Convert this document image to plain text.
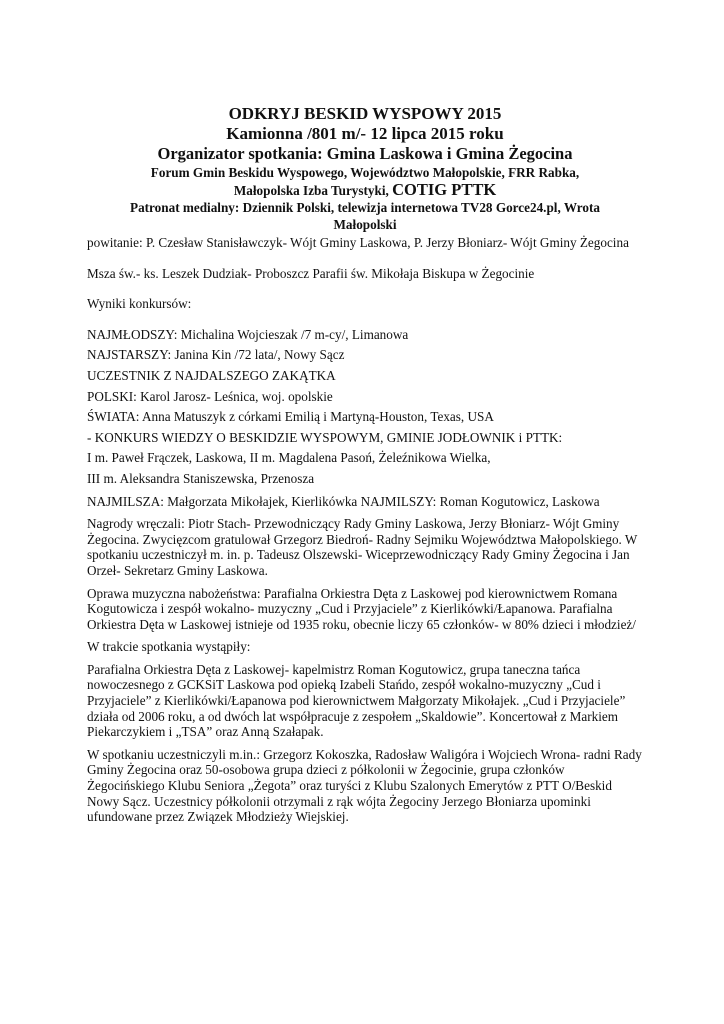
ODKRYJ BESKID WYSPOWY 2015
Kamionna /801 m/- 12 lipca 2015 roku
Organizator spotkania: Gmina Laskowa i Gmina Żegocina
Forum Gmin Beskidu Wyspowego, Województwo Małopolskie, FRR Rabka,
Małopolska Izba Turystyki, COTIG PTTK
Patronat medialny: Dziennik Polski, telewizja internetowa TV28 Gorce24.pl, Wrota
Małopolski

powitanie: P. Czesław Stanisławczyk- Wójt Gminy Laskowa, P. Jerzy Błoniarz- Wójt Gminy Żegocina

Msza św.- ks. Leszek Dudziak- Proboszcz Parafii św. Mikołaja Biskupa w Żegocinie

Wyniki konkursów:

NAJMŁODSZY: Michalina Wojcieszak /7 m-cy/, Limanowa

NAJSTARSZY: Janina Kin /72 lata/, Nowy Sącz

UCZESTNIK Z NAJDALSZEGO ZAKĄTKA

POLSKI: Karol Jarosz- Leśnica, woj. opolskie

ŚWIATA: Anna Matuszyk z córkami Emilią i Martyną-Houston, Texas, USA

- KONKURS WIEDZY O BESKIDZIE WYSPOWYM, GMINIE JODŁOWNIK i PTTK:

I m. Paweł Frączek, Laskowa, II m. Magdalena Pasoń, Żeleźnikowa Wielka,

III m. Aleksandra Staniszewska, Przenosza

NAJMILSZA: Małgorzata Mikołajek, Kierlikówka NAJMILSZY: Roman Kogutowicz, Laskowa

Nagrody wręczali: Piotr Stach- Przewodniczący Rady Gminy Laskowa, Jerzy Błoniarz- Wójt Gminy Żegocina. Zwycięzcom gratulował Grzegorz Biedroń- Radny Sejmiku Województwa Małopolskiego. W spotkaniu uczestniczył m. in. p. Tadeusz Olszewski- Wiceprzewodniczący Rady Gminy Żegocina i Jan Orzeł- Sekretarz Gminy Laskowa.

Oprawa muzyczna nabożeństwa: Parafialna Orkiestra Dęta z Laskowej pod kierownictwem Romana Kogutowicza i zespół wokalno- muzyczny „Cud i Przyjaciele” z Kierlikówki/Łapanowa. Parafialna Orkiestra Dęta w Laskowej istnieje od 1935 roku, obecnie liczy 65 członków- w 80% dzieci i młodzież/

W trakcie spotkania wystąpiły:

Parafialna Orkiestra Dęta z Laskowej- kapelmistrz Roman Kogutowicz, grupa taneczna tańca nowoczesnego z GCKSiT Laskowa pod opieką Izabeli Stańdo, zespół wokalno-muzyczny „Cud i Przyjaciele” z Kierlikówki/Łapanowa pod kierownictwem Małgorzaty Mikołajek. „Cud i Przyjaciele” działa od 2006 roku, a od dwóch lat współpracuje z zespołem „Skaldowie”. Koncertował z Markiem Piekarczykiem i „TSA” oraz Anną Szałapak.

W spotkaniu uczestniczyli m.in.: Grzegorz Kokoszka, Radosław Waligóra i Wojciech Wrona- radni Rady Gminy Żegocina oraz 50-osobowa grupa dzieci z półkolonii w Żegocinie, grupa członków Żegocińskiego Klubu Seniora „Żegota” oraz turyści z Klubu Szalonych Emerytów z PTT O/Beskid Nowy Sącz. Uczestnicy półkolonii otrzymali z rąk wójta Żegociny Jerzego Błoniarza upominki ufundowane przez Związek Młodzieży Wiejskiej.
